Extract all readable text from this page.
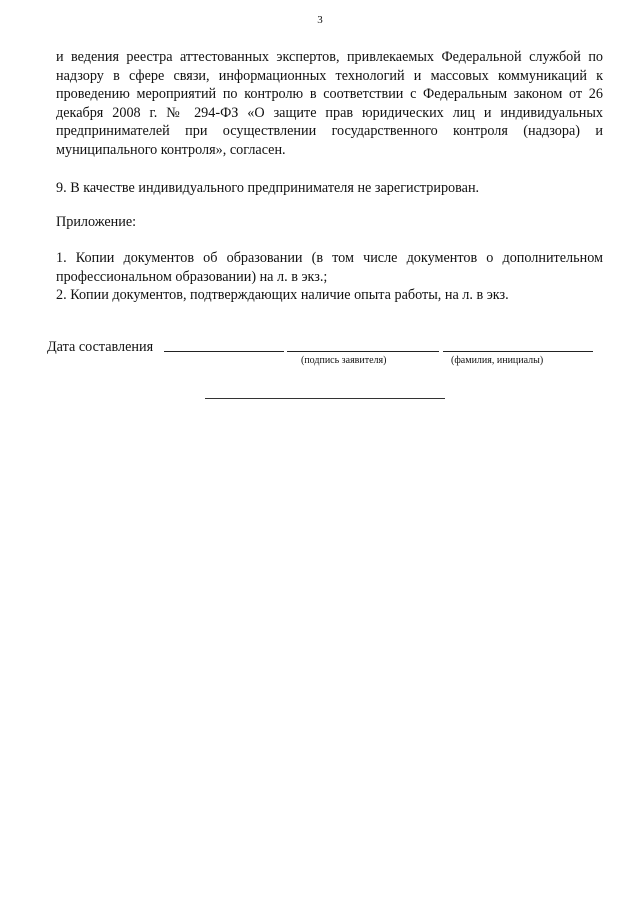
3
и ведения реестра аттестованных экспертов, привлекаемых Федеральной службой по
надзору в сфере связи, информационных технологий и массовых коммуникаций к
проведению мероприятий по контролю в соответствии с Федеральным законом от 26
декабря 2008 г. № 294-ФЗ «О защите прав юридических лиц и индивидуальных
предпринимателей при осуществлении государственного контроля (надзора) и
муниципального контроля», согласен.
9. В качестве индивидуального предпринимателя не зарегистрирован.
Приложение:
1. Копии документов об образовании (в том числе документов о дополнительном
профессиональном образовании) на л. в экз.;
2. Копии документов, подтверждающих наличие опыта работы, на л. в экз.
Дата составления
(подпись заявителя)	(фамилия, инициалы)
